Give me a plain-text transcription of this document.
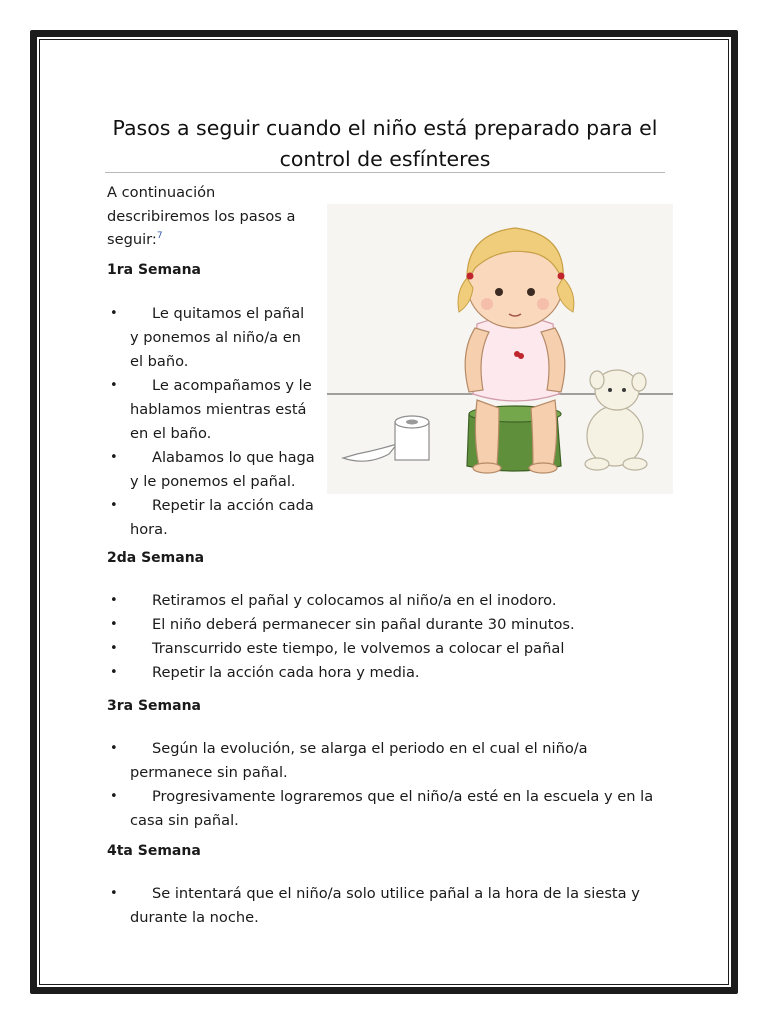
Pasos a seguir cuando el niño está preparado para el control de esfínteres
A continuación describiremos los pasos a seguir:$^7$
1ra Semana
• Le quitamos el pañal y ponemos al niño/a en el baño.
• Le acompañamos y le hablamos mientras está en el baño.
• Alabamos lo que haga y le ponemos el pañal.
• Repetir la acción cada hora.
2da Semana
• Retiramos el pañal y colocamos al niño/a en el inodoro.
• El niño deberá permanecer sin pañal durante 30 minutos.
• Transcurrido este tiempo, le volvemos a colocar el pañal
• Repetir la acción cada hora y media.
3ra Semana
• Según la evolución, se alarga el periodo en el cual el niño/a permanece sin pañal.
• Progresivamente lograremos que el niño/a esté en la escuela y en la casa sin pañal.
4ta Semana
• Se intentará que el niño/a solo utilice pañal a la hora de la siesta y durante la noche.
